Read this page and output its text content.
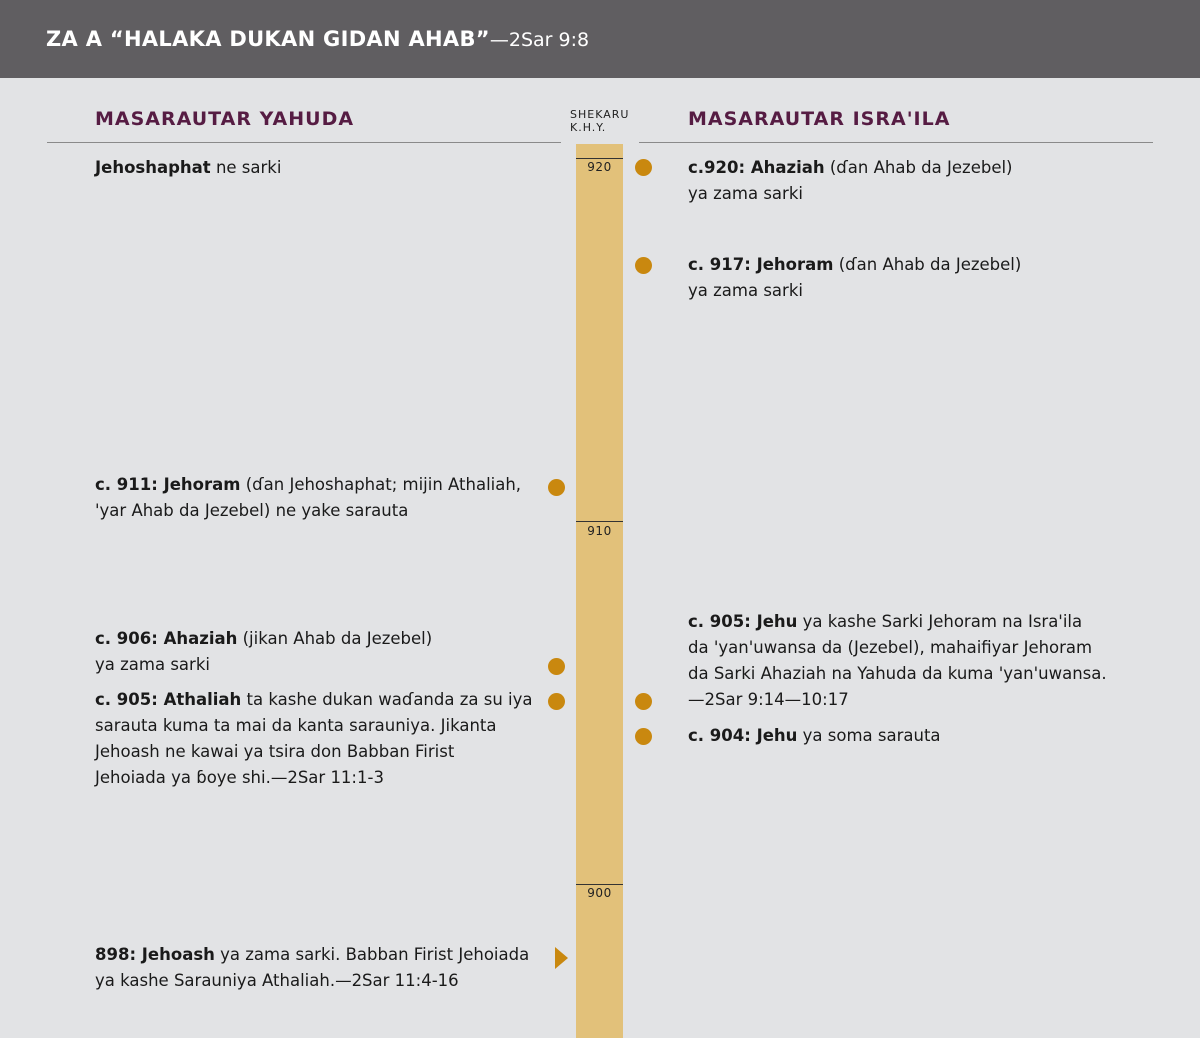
ZA A “HALAKA DUKAN GIDAN AHAB”—2Sar 9:8
MASARAUTAR YAHUDA	MASARAUTAR ISRA'ILA
SHEKARU
K.H.Y.
920
910
900
Jehoshaphat ne sarki
c. 911: Jehoram (ɗan Jehoshaphat; mijin Athaliah,
'yar Ahab da Jezebel) ne yake sarauta
c. 906: Ahaziah (jikan Ahab da Jezebel)
ya zama sarki
c. 905: Athaliah ta kashe dukan waɗanda za su iya
sarauta kuma ta mai da kanta sarauniya. Jikanta
Jehoash ne kawai ya tsira don Babban Firist
Jehoiada ya ɓoye shi.—2Sar 11:1-3
898: Jehoash ya zama sarki. Babban Firist Jehoiada
ya kashe Sarauniya Athaliah.—2Sar 11:4-16
c.920: Ahaziah (ɗan Ahab da Jezebel)
ya zama sarki
c. 917: Jehoram (ɗan Ahab da Jezebel)
ya zama sarki
c. 905: Jehu ya kashe Sarki Jehoram na Isra'ila
da 'yan'uwansa da (Jezebel), mahaifiyar Jehoram
da Sarki Ahaziah na Yahuda da kuma 'yan'uwansa.
—2Sar 9:14—10:17
c. 904: Jehu ya soma sarauta
